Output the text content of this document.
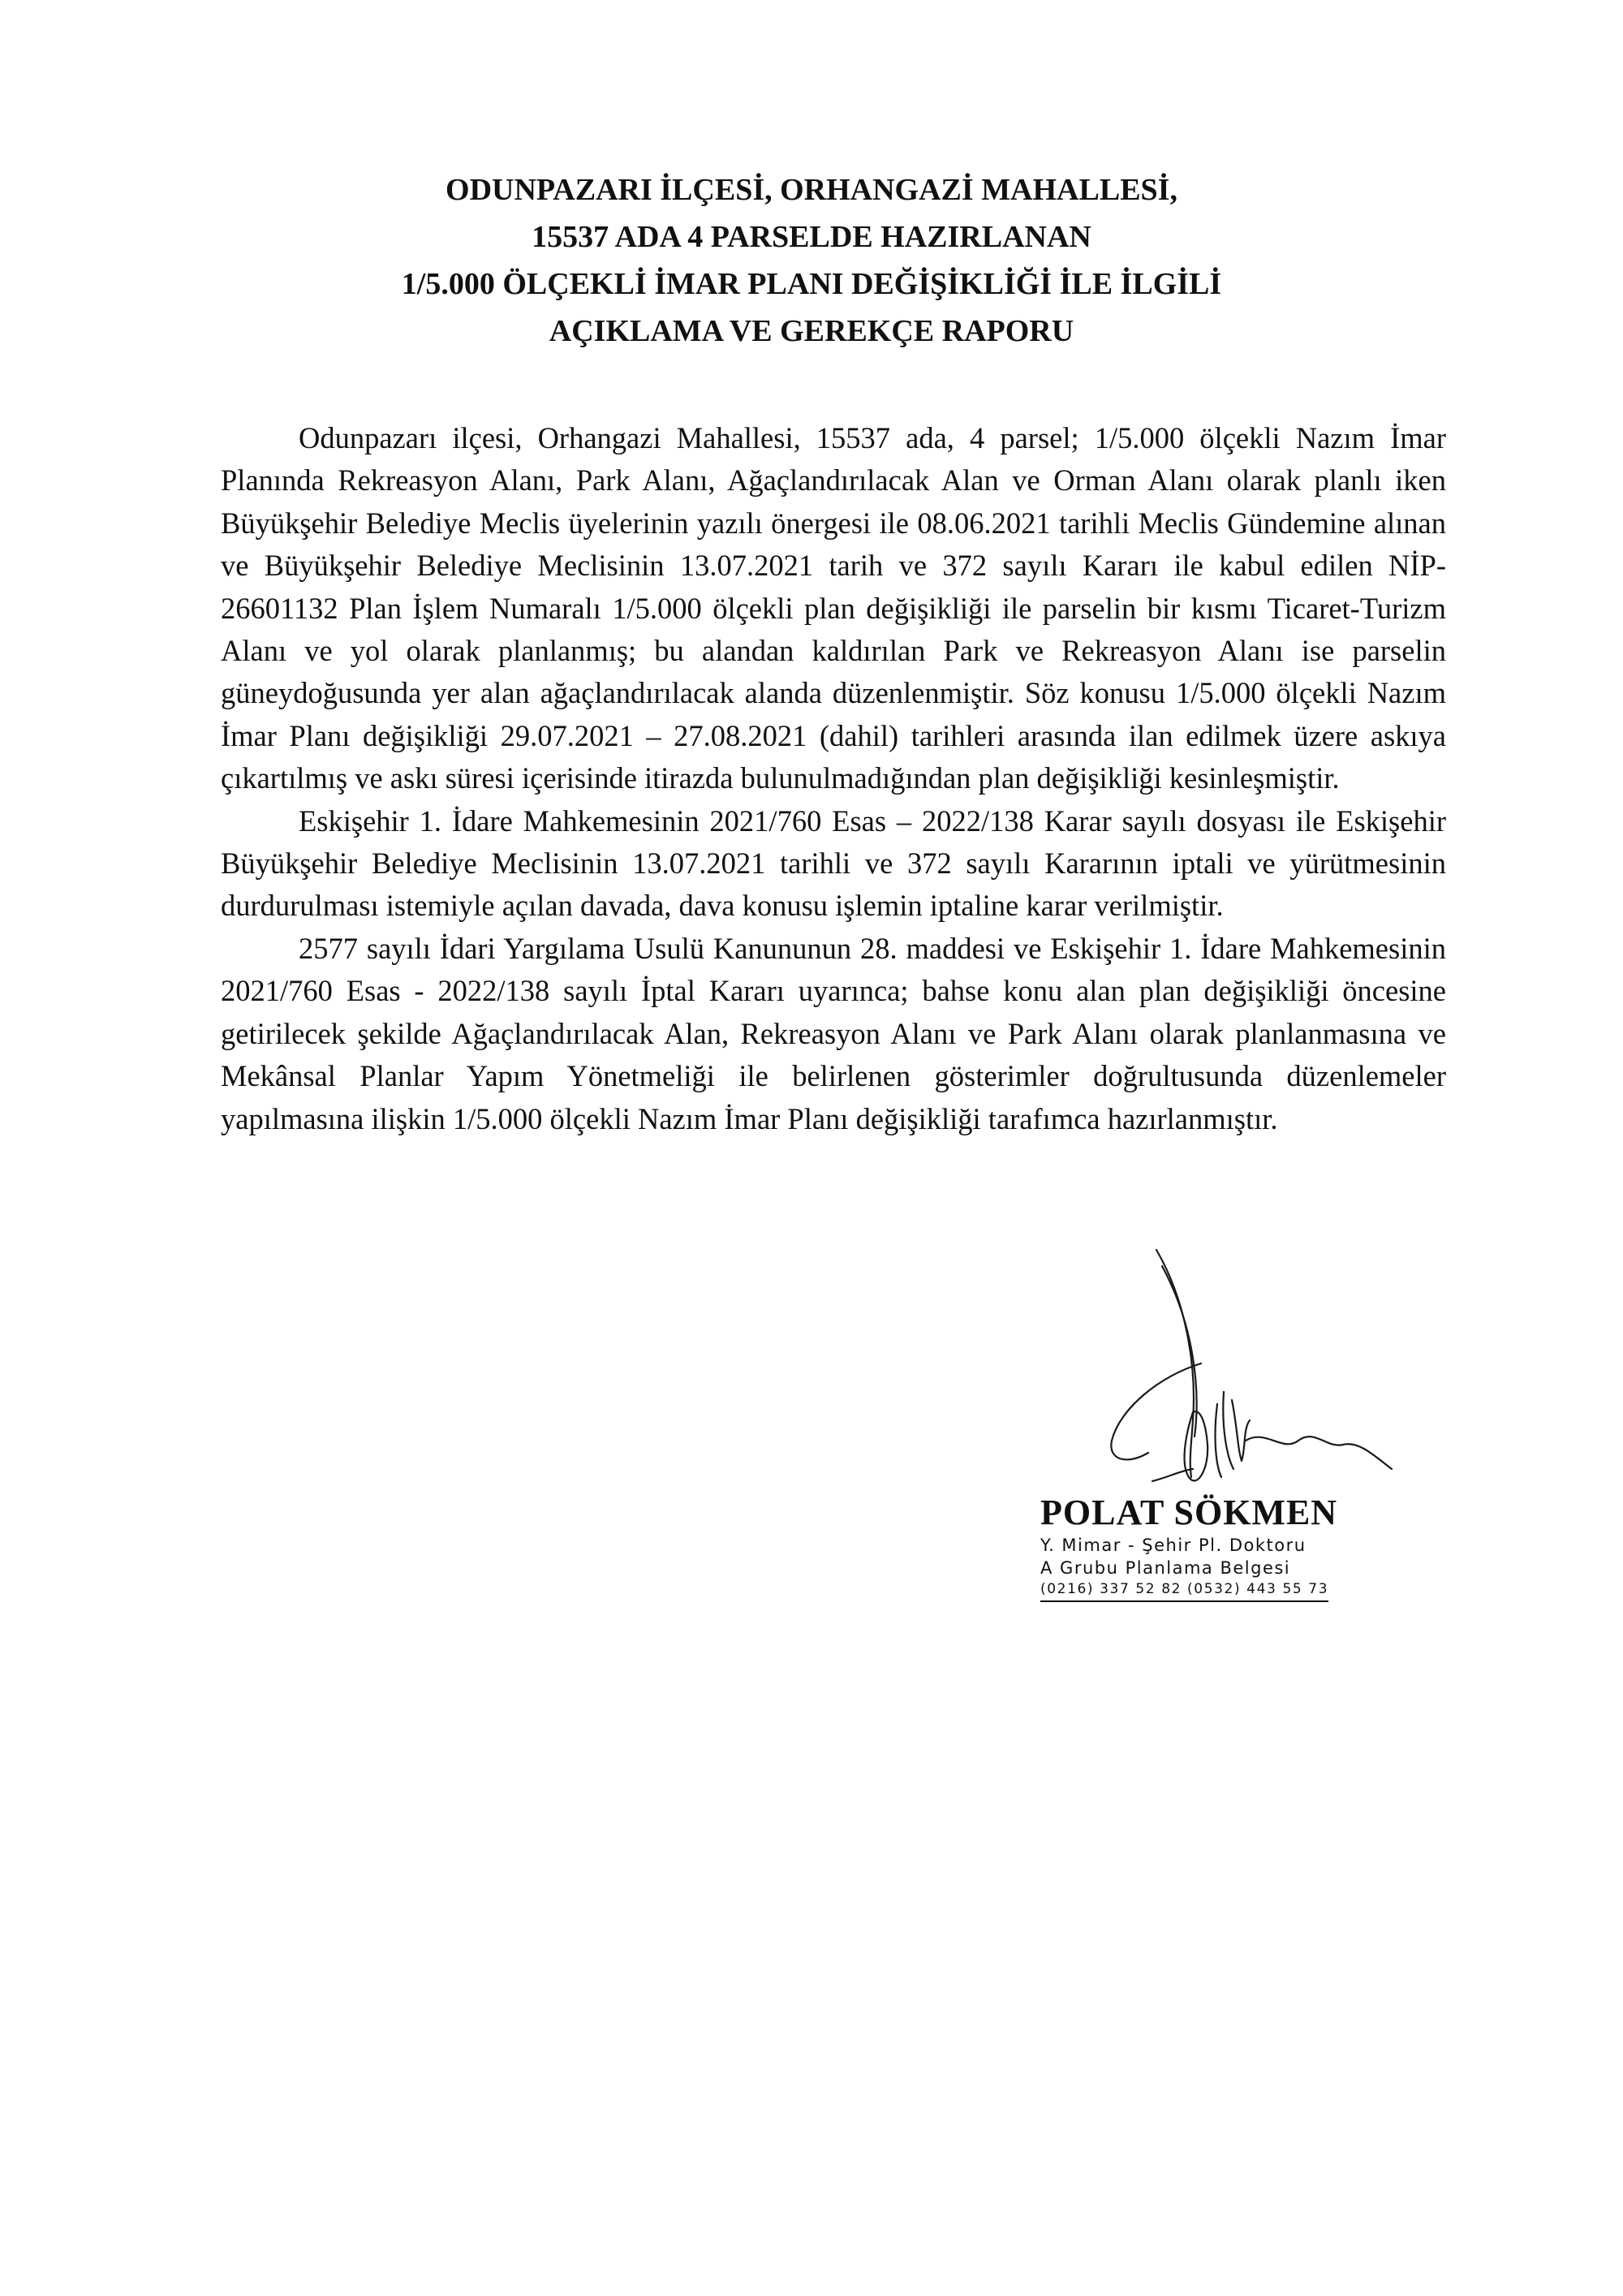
ODUNPAZARI İLÇESİ, ORHANGAZİ MAHALLESİ,
15537 ADA 4 PARSELDE HAZIRLANAN
1/5.000 ÖLÇEKLİ İMAR PLANI DEĞİŞİKLİĞİ İLE İLGİLİ
AÇIKLAMA VE GEREKÇE RAPORU

Odunpazarı ilçesi, Orhangazi Mahallesi, 15537 ada, 4 parsel; 1/5.000 ölçekli Nazım İmar Planında Rekreasyon Alanı, Park Alanı, Ağaçlandırılacak Alan ve Orman Alanı olarak planlı iken Büyükşehir Belediye Meclis üyelerinin yazılı önergesi ile 08.06.2021 tarihli Meclis Gündemine alınan ve Büyükşehir Belediye Meclisinin 13.07.2021 tarih ve 372 sayılı Kararı ile kabul edilen NİP-26601132 Plan İşlem Numaralı 1/5.000 ölçekli plan değişikliği ile parselin bir kısmı Ticaret-Turizm Alanı ve yol olarak planlanmış; bu alandan kaldırılan Park ve Rekreasyon Alanı ise parselin güneydoğusunda yer alan ağaçlandırılacak alanda düzenlenmiştir. Söz konusu 1/5.000 ölçekli Nazım İmar Planı değişikliği 29.07.2021 – 27.08.2021 (dahil) tarihleri arasında ilan edilmek üzere askıya çıkartılmış ve askı süresi içerisinde itirazda bulunulmadığından plan değişikliği kesinleşmiştir.

Eskişehir 1. İdare Mahkemesinin 2021/760 Esas – 2022/138 Karar sayılı dosyası ile Eskişehir Büyükşehir Belediye Meclisinin 13.07.2021 tarihli ve 372 sayılı Kararının iptali ve yürütmesinin durdurulması istemiyle açılan davada, dava konusu işlemin iptaline karar verilmiştir.

2577 sayılı İdari Yargılama Usulü Kanununun 28. maddesi ve Eskişehir 1. İdare Mahkemesinin 2021/760 Esas - 2022/138 sayılı İptal Kararı uyarınca; bahse konu alan plan değişikliği öncesine getirilecek şekilde Ağaçlandırılacak Alan, Rekreasyon Alanı ve Park Alanı olarak planlanmasına ve Mekânsal Planlar Yapım Yönetmeliği ile belirlenen gösterimler doğrultusunda düzenlemeler yapılmasına ilişkin 1/5.000 ölçekli Nazım İmar Planı değişikliği tarafımca hazırlanmıştır.

POLAT SÖKMEN
Y. Mimar - Şehir Pl. Doktoru
A Grubu Planlama Belgesi
(0216) 337 52 82 (0532) 443 55 73
